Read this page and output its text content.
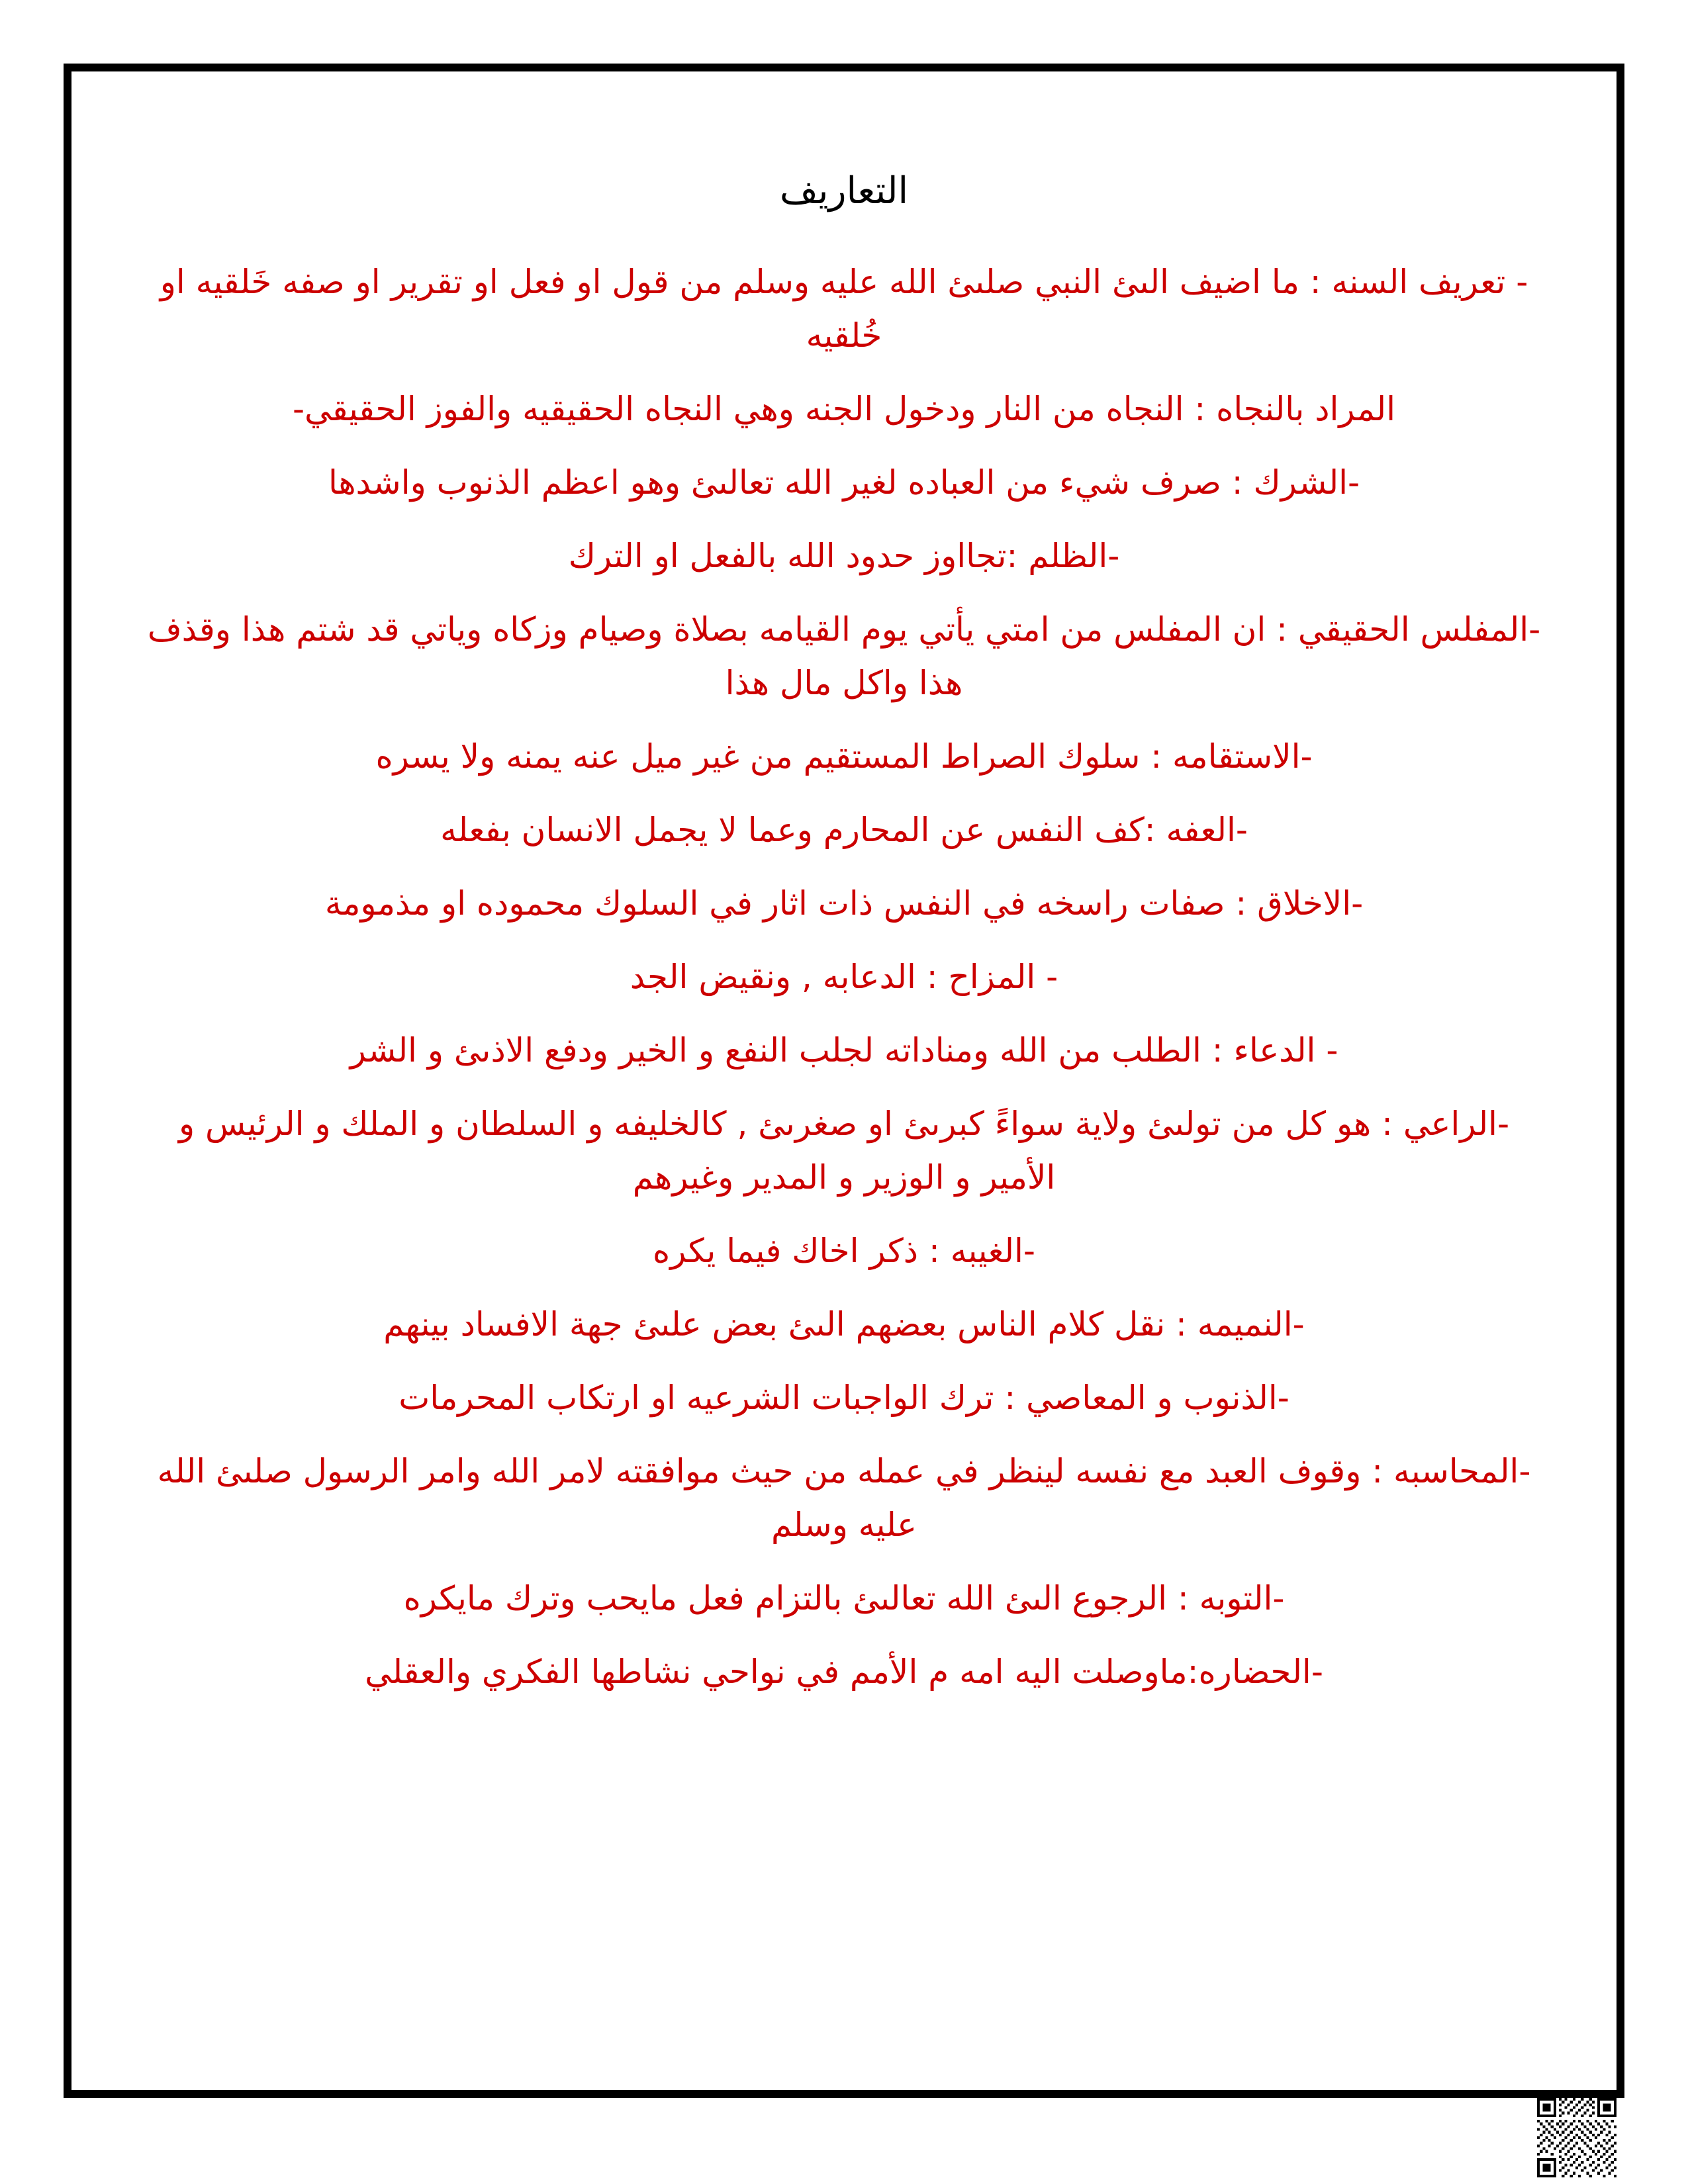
التعاريف

- تعريف السنه : ما اضيف الىئ النبي صلىئ الله عليه وسلم من قول او فعل او تقرير او صفه خَلقيه او خُلقيه

المراد بالنجاه : النجاه من النار ودخول الجنه وهي النجاه الحقيقيه والفوز الحقيقي-

-الشرك : صرف شيء من العباده لغير الله تعالىئ وهو اعظم الذنوب واشدها

-الظلم :تجااوز حدود الله بالفعل او الترك

-المفلس الحقيقي : ان المفلس من امتي يأتي يوم القيامه بصلاة وصيام وزكاه وياتي قد شتم هذا وقذف هذا واكل مال هذا

-الاستقامه : سلوك الصراط المستقيم من غير ميل عنه يمنه ولا يسره

-العفه :كف النفس عن المحارم وعما لا يجمل الانسان بفعله

-الاخلاق : صفات راسخه في النفس ذات اثار في السلوك محموده او مذمومة

- المزاح : الدعابه , ونقيض الجد

- الدعاء : الطلب من الله ومناداته لجلب النفع و الخير ودفع الاذىئ و الشر

-الراعي : هو كل من تولىئ ولاية سواءً كبرىئ او صغرىئ , كالخليفه و السلطان و الملك و الرئيس و الأمير و الوزير و المدير وغيرهم

-الغيبه : ذكر اخاك فيما يكره

-النميمه : نقل كلام الناس بعضهم الىئ بعض علىئ جهة الافساد بينهم

-الذنوب و المعاصي : ترك الواجبات الشرعيه او ارتكاب المحرمات

-المحاسبه : وقوف العبد مع نفسه لينظر في عمله من حيث موافقته لامر الله وامر الرسول صلىئ الله عليه وسلم

-التوبه : الرجوع الىئ الله تعالىئ بالتزام فعل مايحب وترك مايكره

-الحضاره:ماوصلت اليه امه م الأمم في نواحي نشاطها الفكري والعقلي
